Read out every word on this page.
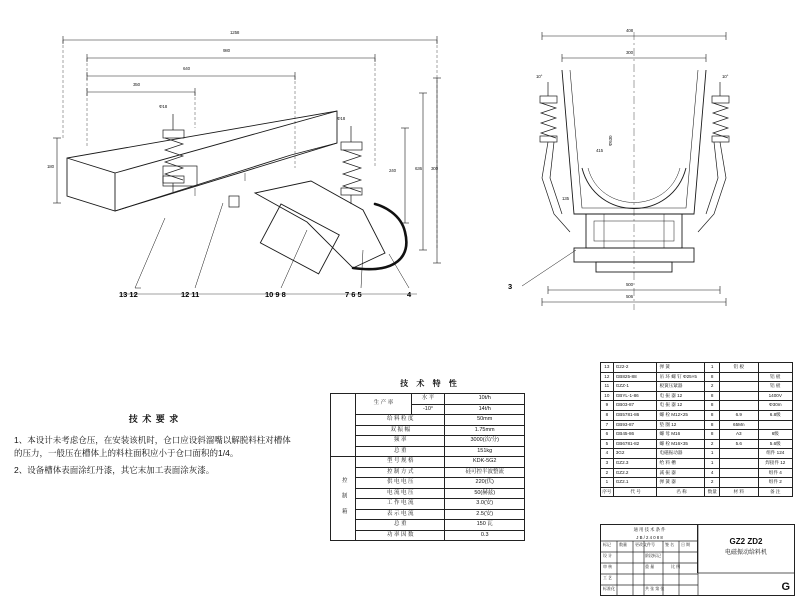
1258
980
640
350
180
240	636 300
Φ18
Φ18
13 12	12 11	10 9 8	7 6 5	4
408
300
10°	10°
500
506
Φ530
415
135
3
技 术 要 求
1、本设计未考虑仓压，在安装该机时，仓口应设斜溜嘴以解脱料柱对槽体的压力，一般压在槽体上的料柱面积应小于仓口面积的1/4。
2、设备槽体表面涂红丹漆，其它末加工表面涂灰漆。
技 术 特 性
	生 产 率	水 平	10t/h
		-10°	14t/h
	给 料 粒 度		50mm
	双 振 幅		1.75mm
	频 率		3000(次/分)
	总 重		151kg
控 制 箱	型 号 规 格		KDK-5G2
	控 制 方 式		硅可控半波整流
	供 电 电 压		220(伏)
	电 流 电 压		50(赫兹)
	工 作 电 流		3.0(安)
	表 示 电 流		2.5(安)
	总 重		150 瓦
	功 率 因 数		0.3
13	G22-2	弹 簧	1	铝 板	
12	GB825-88	吊 环 螺 钉 Φ25×5	8		铝 板
11	GZZ-1	板簧压紧器	2		铝 板
10	GBYL-1-86	电 振 器 12	8		1400V
9	GB03-87	电 振 器 12	8		Φ30m
8	GB5781-86	螺 栓 M12×25	8	6.9	6.8级
7	GB93-87	垫 圈 12	8	65Mn	
6	GB45-86	螺 母 M16	8	A3	6级
5	GB6781-82	螺 栓 M16×35	2	5.6	5.6级
4	3G2	电磁振动器	1		组件 124
3	GZ2.3	给 料 槽	1		焊接件 12
2	GZ2.2	减 振 器	4		组件 4
1	GZ2.1	弹 簧 器	2		组件 2
序号	代 号	名 称	数量	材 料	备 注
通 用 技 术 条 件
J B / 2 4 0 8 8
标记 数量 更改文件号	签 名 日 期
设 计
审 核
工 艺
标准化
阶段标记
重 量	比 例
共 张 第 张
GZ2 ZD2
电磁振动给料机
G
